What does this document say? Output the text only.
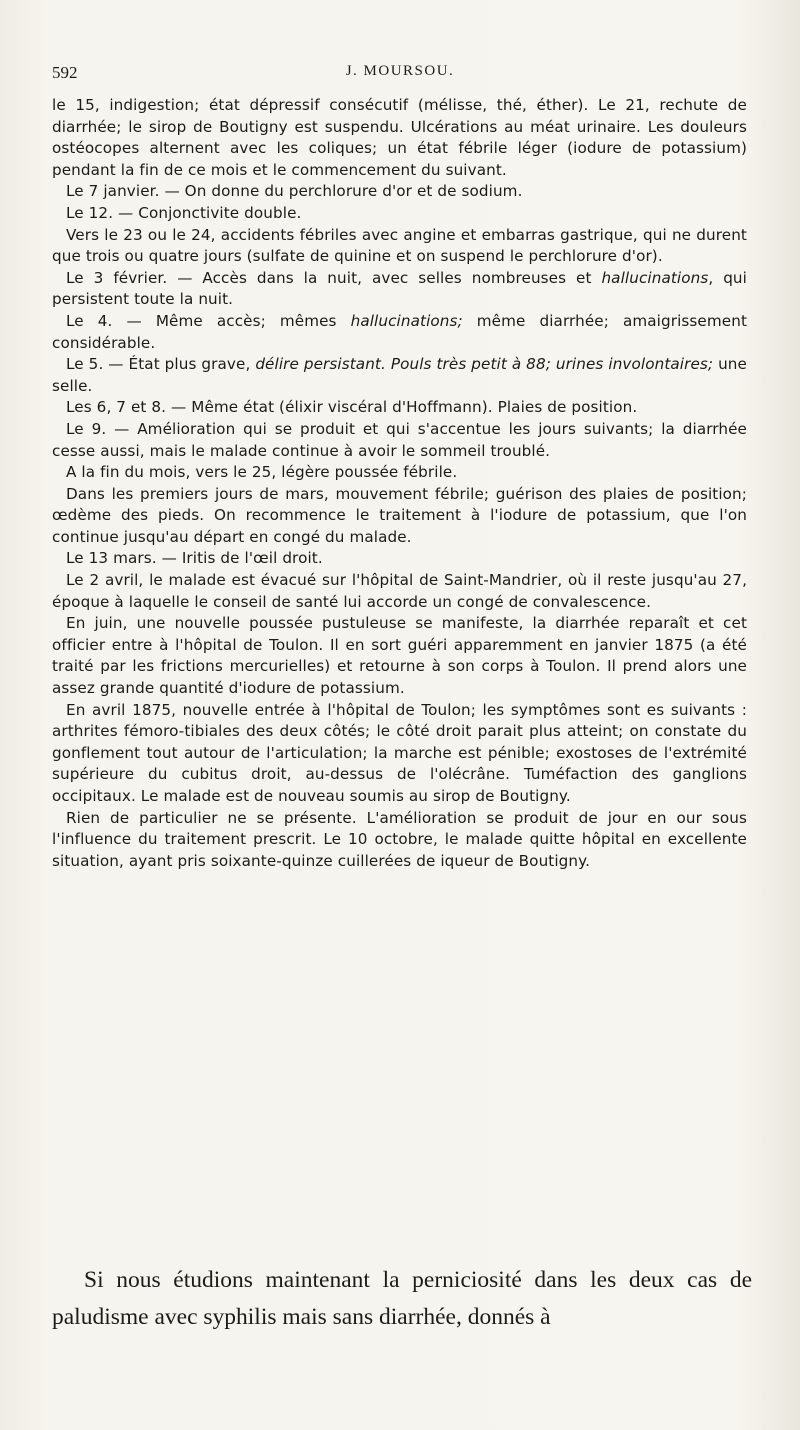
592	J. MOURSOU.

le 15, indigestion; état dépressif consécutif (mélisse, thé, éther). Le 21, rechute de diarrhée; le sirop de Boutigny est suspendu. Ulcérations au méat urinaire. Les douleurs ostéocopes alternent avec les coliques; un état fébrile léger (iodure de potassium) pendant la fin de ce mois et le commencement du suivant.

Le 7 janvier. — On donne du perchlorure d'or et de sodium.

Le 12. — Conjonctivite double.

Vers le 23 ou le 24, accidents fébriles avec angine et embarras gastrique, qui ne durent que trois ou quatre jours (sulfate de quinine et on suspend le perchlorure d'or).

Le 3 février. — Accès dans la nuit, avec selles nombreuses et hallucinations, qui persistent toute la nuit.

Le 4. — Même accès; mêmes hallucinations; même diarrhée; amaigrissement considérable.

Le 5. — État plus grave, délire persistant. Pouls très petit à 88; urines involontaires; une selle.

Les 6, 7 et 8. — Même état (élixir viscéral d'Hoffmann). Plaies de position.

Le 9. — Amélioration qui se produit et qui s'accentue les jours suivants; la diarrhée cesse aussi, mais le malade continue à avoir le sommeil troublé.

A la fin du mois, vers le 25, légère poussée fébrile.

Dans les premiers jours de mars, mouvement fébrile; guérison des plaies de position; œdème des pieds. On recommence le traitement à l'iodure de potassium, que l'on continue jusqu'au départ en congé du malade.

Le 13 mars. — Iritis de l'œil droit.

Le 2 avril, le malade est évacué sur l'hôpital de Saint-Mandrier, où il reste jusqu'au 27, époque à laquelle le conseil de santé lui accorde un congé de convalescence.

En juin, une nouvelle poussée pustuleuse se manifeste, la diarrhée reparaît et cet officier entre à l'hôpital de Toulon. Il en sort guéri apparemment en janvier 1875 (a été traité par les frictions mercurielles) et retourne à son corps à Toulon. Il prend alors une assez grande quantité d'iodure de potassium.

En avril 1875, nouvelle entrée à l'hôpital de Toulon; les symptômes sont es suivants : arthrites fémoro-tibiales des deux côtés; le côté droit parait plus atteint; on constate du gonflement tout autour de l'articulation; la marche est pénible; exostoses de l'extrémité supérieure du cubitus droit, au-dessus de l'olécrâne. Tuméfaction des ganglions occipitaux. Le malade est de nouveau soumis au sirop de Boutigny.

Rien de particulier ne se présente. L'amélioration se produit de jour en our sous l'influence du traitement prescrit. Le 10 octobre, le malade quitte hôpital en excellente situation, ayant pris soixante-quinze cuillerées de iqueur de Boutigny.

Si nous étudions maintenant la perniciosité dans les deux cas de paludisme avec syphilis mais sans diarrhée, donnés à
